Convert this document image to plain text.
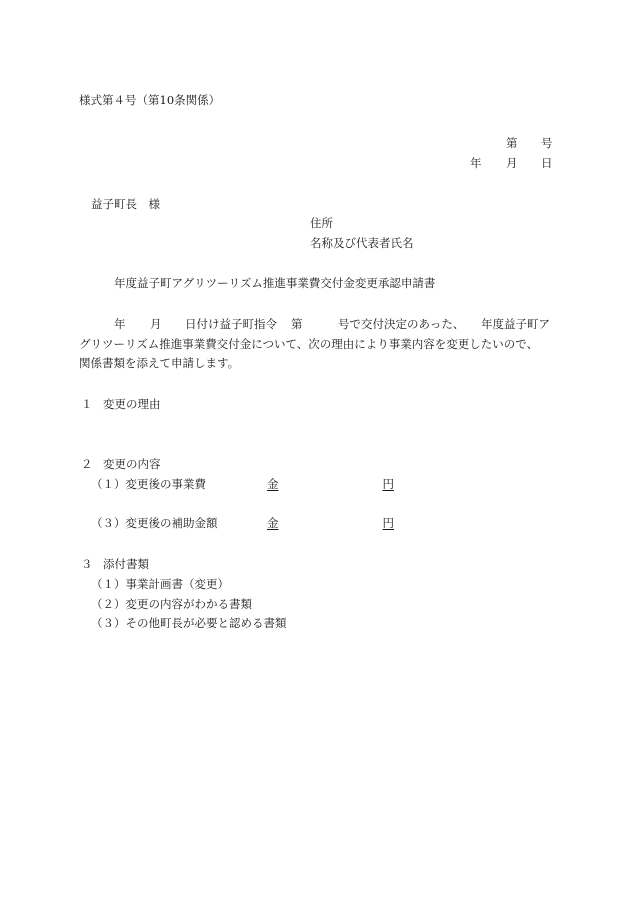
様式第４号（第10条関係）
第 号
年 月 日
益子町長　様
住所
名称及び代表者氏名
年度益子町アグリツーリズム推進事業費交付金変更承認申請書
年 月 日付け益子町指令 第	号で交付決定のあった、 年度益子町ア
グリツーリズム推進事業費交付金について、次の理由により事業内容を変更したいので、
関係書類を添えて申請します。
１ 変更の理由
２ 変更の内容
（１）変更後の事業費	金	円
（３）変更後の補助金額	金	円
３ 添付書類
（１）事業計画書（変更）
（２）変更の内容がわかる書類
（３）その他町長が必要と認める書類
